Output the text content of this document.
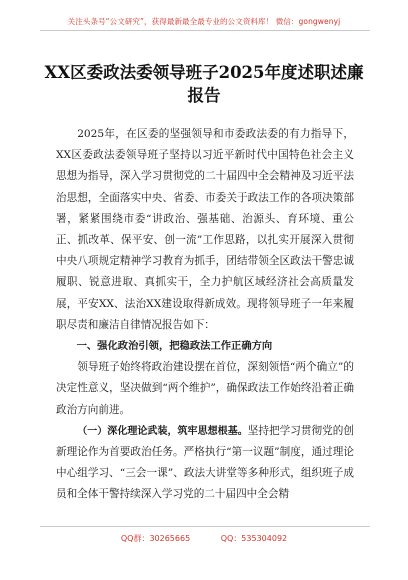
关注头条号“公文研究”，获得最新最全最专业的公文资料库！ 微信：gongwenyj
XX区委政法委领导班子2025年度述职述廉报告

2025年，在区委的坚强领导和市委政法委的有力指导下，XX区委政法委领导班子坚持以习近平新时代中国特色社会主义思想为指导，深入学习贯彻党的二十届四中全会精神及习近平法治思想，全面落实中央、省委、市委关于政法工作的各项决策部署，紧紧围绕市委“讲政治、强基础、治源头、育环境、重公正、抓改革、保平安、创一流”工作思路，以扎实开展深入贯彻中央八项规定精神学习教育为抓手，团结带领全区政法干警忠诚履职、锐意进取、真抓实干，全力护航区域经济社会高质量发展，平安XX、法治XX建设取得新成效。现将领导班子一年来履职尽责和廉洁自律情况报告如下：

一、强化政治引领，把稳政法工作正确方向

领导班子始终将政治建设摆在首位，深刻领悟“两个确立”的决定性意义，坚决做到“两个维护”，确保政法工作始终沿着正确政治方向前进。

（一）深化理论武装，筑牢思想根基。坚持把学习贯彻党的创新理论作为首要政治任务。严格执行“第一议题”制度，通过理论中心组学习、“三会一课”、政法大讲堂等多种形式，组织班子成员和全体干警持续深入学习党的二十届四中全会精

QQ群：30265665	QQ：535304092
